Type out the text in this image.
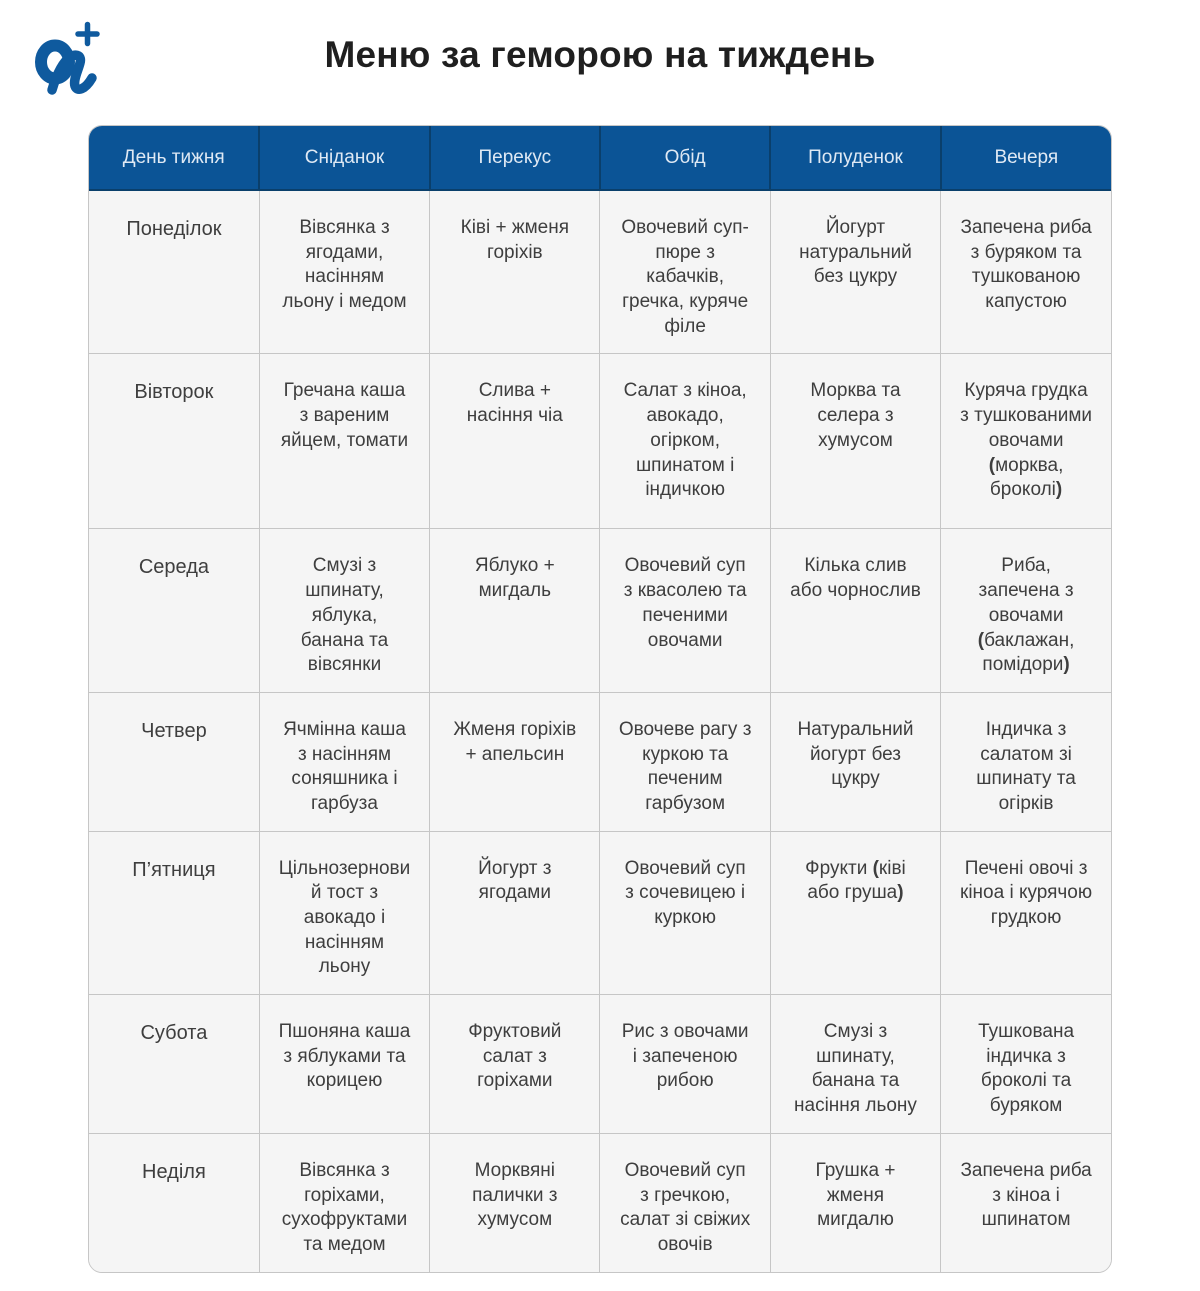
Меню за геморою на тиждень
День тижня	Сніданок	Перекус	Обід	Полуденок	Вечеря
Понеділок	Вівсянка з ягодами, насінням льону і медом	Ківі + жменя горіхів	Овочевий суп-пюре з кабачків, гречка, куряче філе	Йогурт натуральний без цукру	Запечена риба з буряком та тушкованою капустою
Вівторок	Гречана каша з вареним яйцем, томати	Слива + насіння чіа	Салат з кіноа, авокадо, огірком, шпинатом і індичкою	Морква та селера з хумусом	Куряча грудка з тушкованими овочами (морква, броколі)
Середа	Смузі з шпинату, яблука, банана та вівсянки	Яблуко + мигдаль	Овочевий суп з квасолею та печеними овочами	Кілька слив або чорнослив	Риба, запечена з овочами (баклажан, помідори)
Четвер	Ячмінна каша з насінням соняшника і гарбуза	Жменя горіхів + апельсин	Овочеве рагу з куркою та печеним гарбузом	Натуральний йогурт без цукру	Індичка з салатом зі шпинату та огірків
П’ятниця	Цільнозерновий тост з авокадо і насінням льону	Йогурт з ягодами	Овочевий суп з сочевицею і куркою	Фрукти (ківі або груша)	Печені овочі з кіноа і курячою грудкою
Субота	Пшоняна каша з яблуками та корицею	Фруктовий салат з горіхами	Рис з овочами і запеченою рибою	Смузі з шпинату, банана та насіння льону	Тушкована індичка з броколі та буряком
Неділя	Вівсянка з горіхами, сухофруктами та медом	Морквяні палички з хумусом	Овочевий суп з гречкою, салат зі свіжих овочів	Грушка + жменя мигдалю	Запечена риба з кіноа і шпинатом
